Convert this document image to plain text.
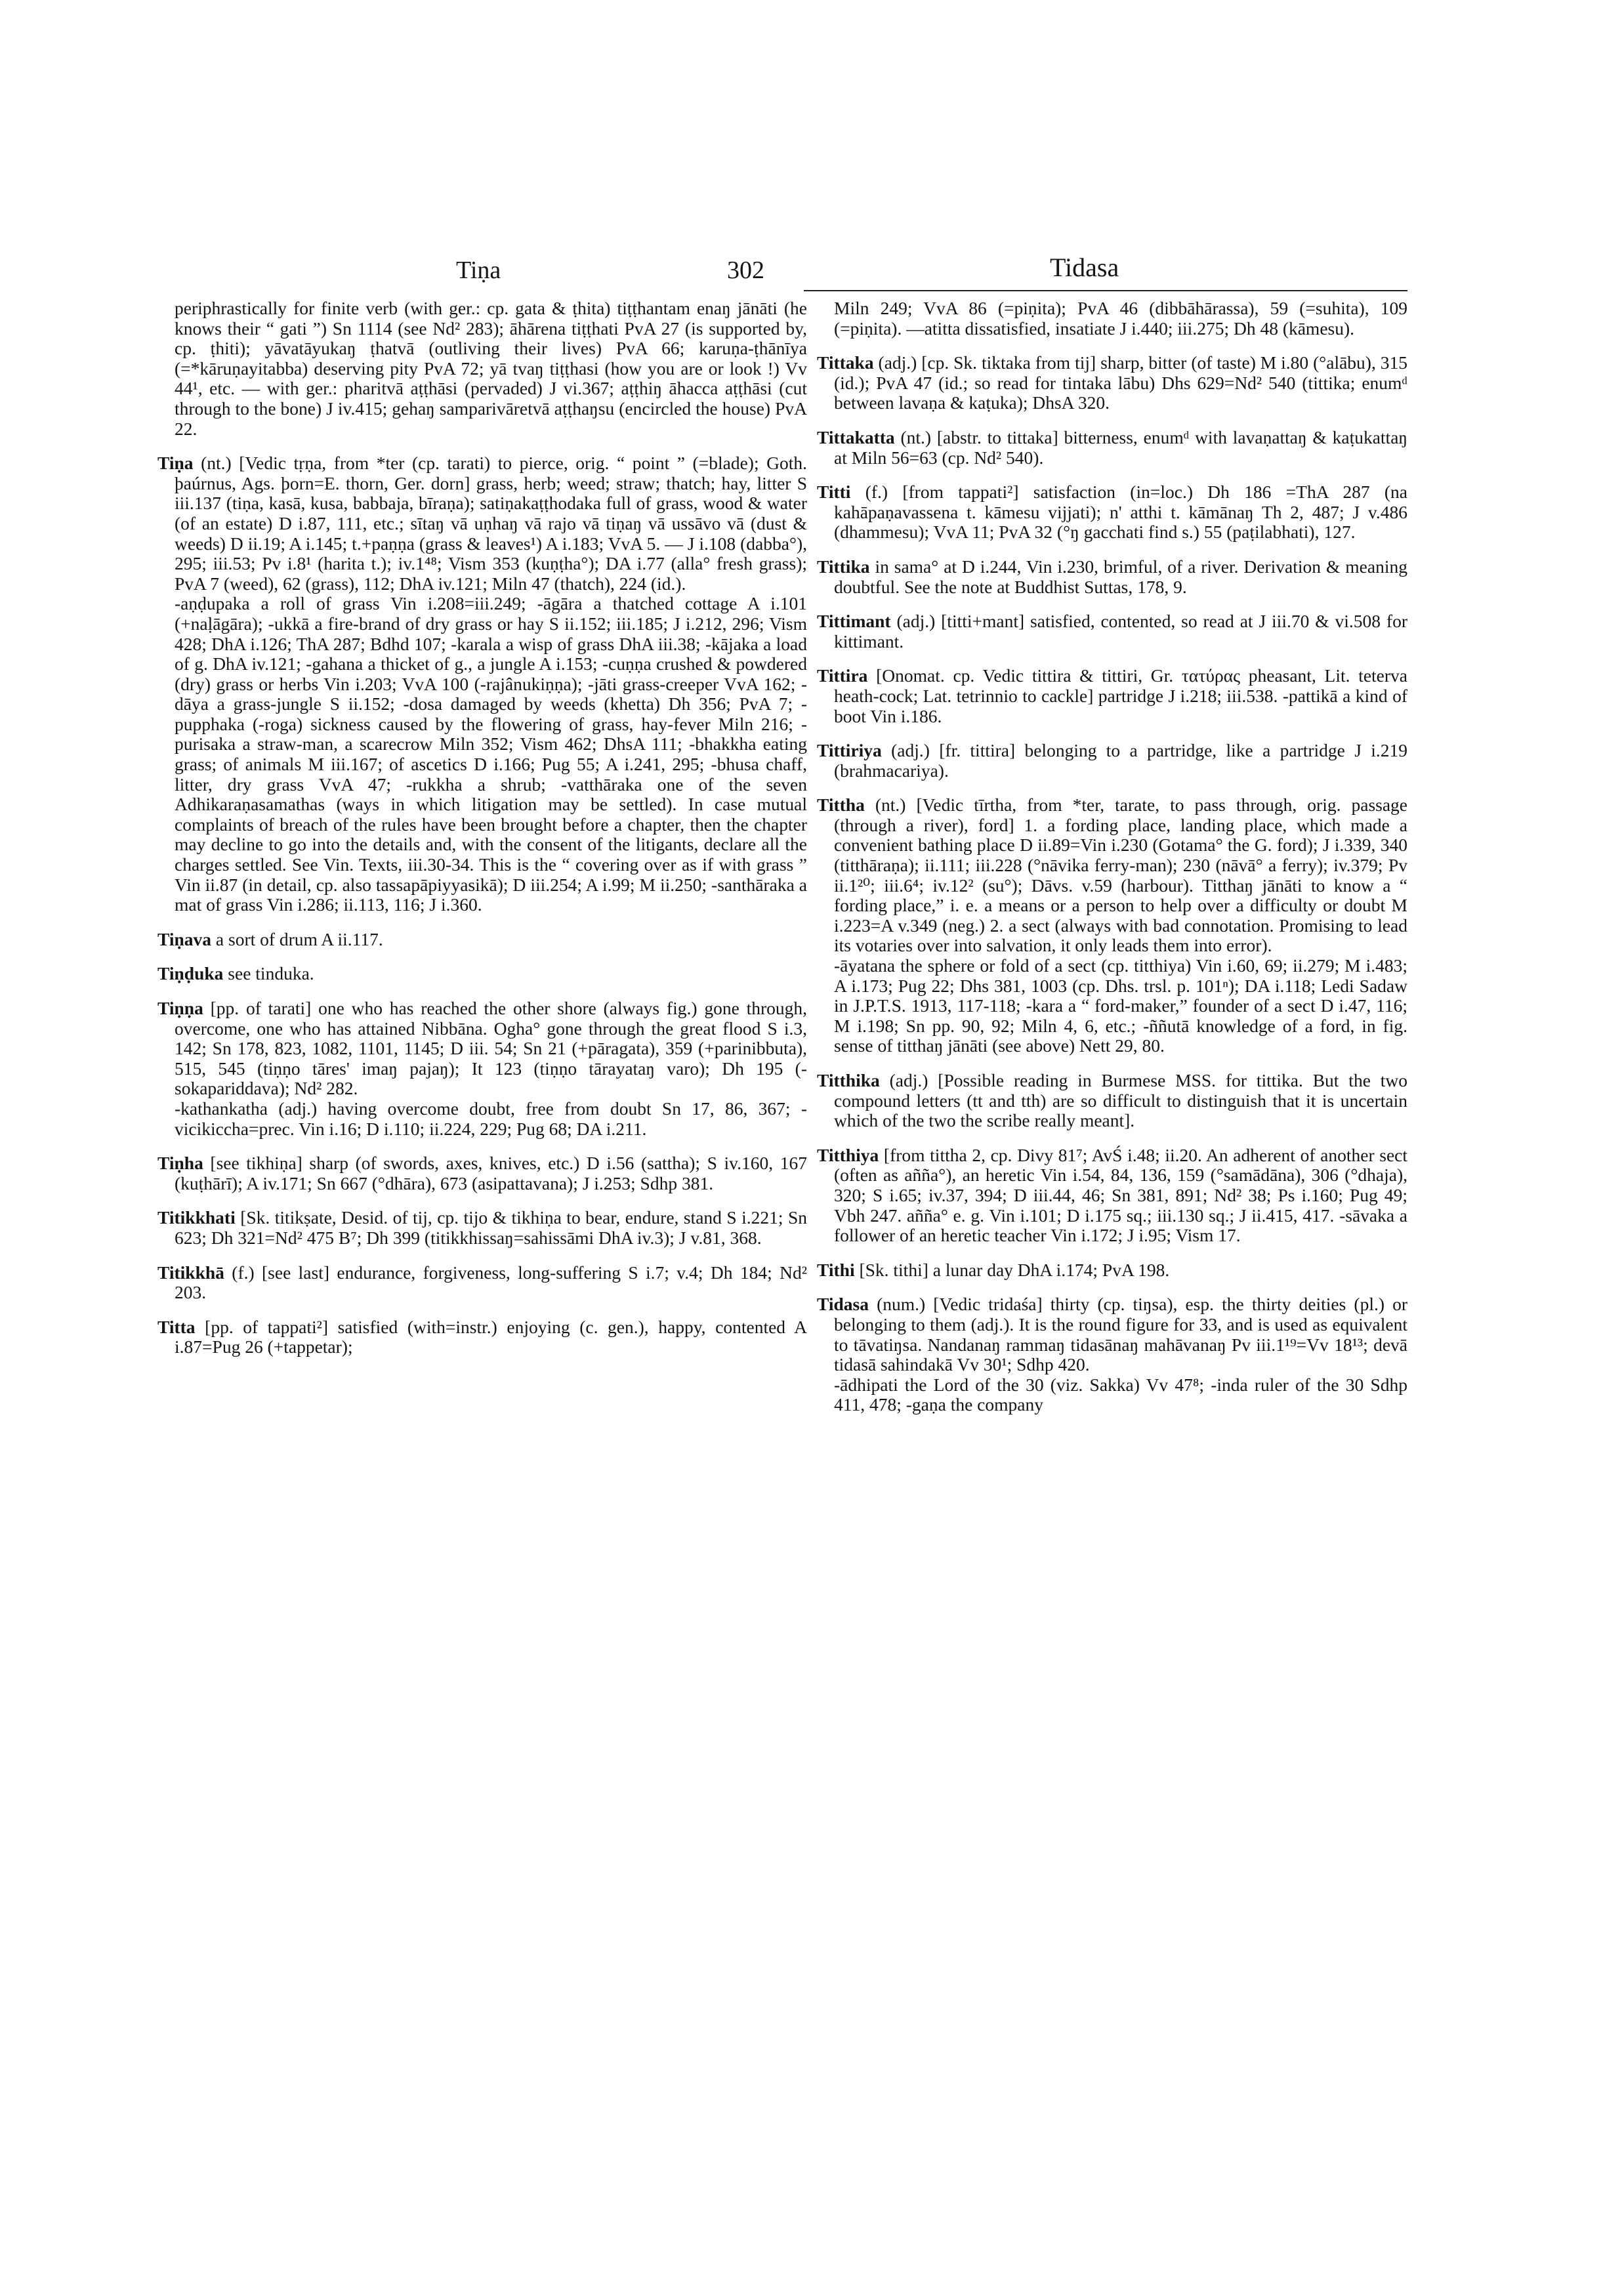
Tiṇa	302	Tidasa

periphrastically for finite verb (with ger.: cp. gata & ṭhita) tiṭṭhantam enaŋ jānāti (he knows their “ gati ”) Sn 1114 (see Nd² 283); āhārena tiṭṭhati PvA 27 (is supported by, cp. ṭhiti); yāvatāyukaŋ ṭhatvā (outliving their lives) PvA 66; karuṇa-ṭhānīya (=*kāruṇayitabba) deserving pity PvA 72; yā tvaŋ tiṭṭhasi (how you are or look !) Vv 44¹, etc. — with ger.: pharitvā aṭṭhāsi (pervaded) J vi.367; aṭṭhiŋ āhacca aṭṭhāsi (cut through to the bone) J iv.415; gehaŋ samparivāretvā aṭṭhaŋsu (encircled the house) PvA 22.

Tiṇa (nt.) [Vedic tṛṇa, from *ter (cp. tarati) to pierce, orig. “ point ” (=blade); Goth. þaúrnus, Ags. þorn=E. thorn, Ger. dorn] grass, herb; weed; straw; thatch; hay, litter S iii.137 (tiṇa, kasā, kusa, babbaja, bīraṇa); satiṇakaṭṭhodaka full of grass, wood & water (of an estate) D i.87, 111, etc.; sītaŋ vā uṇhaŋ vā rajo vā tiṇaŋ vā ussāvo vā (dust & weeds) D ii.19; A i.145; t.+paṇṇa (grass & leaves¹) A i.183; VvA 5. — J i.108 (dabba°), 295; iii.53; Pv i.8¹ (harita t.); iv.1⁴⁸; Vism 353 (kuṇṭha°); DA i.77 (alla° fresh grass); PvA 7 (weed), 62 (grass), 112; DhA iv.121; Miln 47 (thatch), 224 (id.).
-aṇḍupaka a roll of grass Vin i.208=iii.249; -āgāra a thatched cottage A i.101 (+naḷāgāra); -ukkā a fire-brand of dry grass or hay S ii.152; iii.185; J i.212, 296; Vism 428; DhA i.126; ThA 287; Bdhd 107; -karala a wisp of grass DhA iii.38; -kājaka a load of g. DhA iv.121; -gahana a thicket of g., a jungle A i.153; -cuṇṇa crushed & powdered (dry) grass or herbs Vin i.203; VvA 100 (-rajânukiṇṇa); -jāti grass-creeper VvA 162; -dāya a grass-jungle S ii.152; -dosa damaged by weeds (khetta) Dh 356; PvA 7; -pupphaka (-roga) sickness caused by the flowering of grass, hay-fever Miln 216; -purisaka a straw-man, a scarecrow Miln 352; Vism 462; DhsA 111; -bhakkha eating grass; of animals M iii.167; of ascetics D i.166; Pug 55; A i.241, 295; -bhusa chaff, litter, dry grass VvA 47; -rukkha a shrub; -vatthāraka one of the seven Adhikaraṇasamathas (ways in which litigation may be settled). In case mutual complaints of breach of the rules have been brought before a chapter, then the chapter may decline to go into the details and, with the consent of the litigants, declare all the charges settled. See Vin. Texts, iii.30-34. This is the “ covering over as if with grass ” Vin ii.87 (in detail, cp. also tassapāpiyyasikā); D iii.254; A i.99; M ii.250; -santhāraka a mat of grass Vin i.286; ii.113, 116; J i.360.

Tiṇava a sort of drum A ii.117.

Tiṇḍuka see tinduka.

Tiṇṇa [pp. of tarati] one who has reached the other shore (always fig.) gone through, overcome, one who has attained Nibbāna. Ogha° gone through the great flood S i.3, 142; Sn 178, 823, 1082, 1101, 1145; D iii. 54; Sn 21 (+pāragata), 359 (+parinibbuta), 515, 545 (tiṇṇo tāres' imaŋ pajaŋ); It 123 (tiṇṇo tārayataŋ varo); Dh 195 (-sokapariddava); Nd² 282.
-kathankatha (adj.) having overcome doubt, free from doubt Sn 17, 86, 367; -vicikiccha=prec. Vin i.16; D i.110; ii.224, 229; Pug 68; DA i.211.

Tiṇha [see tikhiṇa] sharp (of swords, axes, knives, etc.) D i.56 (sattha); S iv.160, 167 (kuṭhārī); A iv.171; Sn 667 (°dhāra), 673 (asipattavana); J i.253; Sdhp 381.

Titikkhati [Sk. titikṣate, Desid. of tij, cp. tijo & tikhiṇa to bear, endure, stand S i.221; Sn 623; Dh 321=Nd² 475 B⁷; Dh 399 (titikkhissaŋ=sahissāmi DhA iv.3); J v.81, 368.

Titikkhā (f.) [see last] endurance, forgiveness, long-suffering S i.7; v.4; Dh 184; Nd² 203.

Titta [pp. of tappati²] satisfied (with=instr.) enjoying (c. gen.), happy, contented A i.87=Pug 26 (+tappetar);

Miln 249; VvA 86 (=piṇita); PvA 46 (dibbāhārassa), 59 (=suhita), 109 (=piṇita). —atitta dissatisfied, insatiate J i.440; iii.275; Dh 48 (kāmesu).

Tittaka (adj.) [cp. Sk. tiktaka from tij] sharp, bitter (of taste) M i.80 (°alābu), 315 (id.); PvA 47 (id.; so read for tintaka lābu) Dhs 629=Nd² 540 (tittika; enumᵈ between lavaṇa & kaṭuka); DhsA 320.

Tittakatta (nt.) [abstr. to tittaka] bitterness, enumᵈ with lavaṇattaŋ & kaṭukattaŋ at Miln 56=63 (cp. Nd² 540).

Titti (f.) [from tappati²] satisfaction (in=loc.) Dh 186 =ThA 287 (na kahāpaṇavassena t. kāmesu vijjati); n' atthi t. kāmānaŋ Th 2, 487; J v.486 (dhammesu); VvA 11; PvA 32 (°ŋ gacchati find s.) 55 (paṭilabhati), 127.

Tittika in sama° at D i.244, Vin i.230, brimful, of a river. Derivation & meaning doubtful. See the note at Buddhist Suttas, 178, 9.

Tittimant (adj.) [titti+mant] satisfied, contented, so read at J iii.70 & vi.508 for kittimant.

Tittira [Onomat. cp. Vedic tittira & tittiri, Gr. τατύρας pheasant, Lit. teterva heath-cock; Lat. tetrinnio to cackle] partridge J i.218; iii.538. -pattikā a kind of boot Vin i.186.

Tittiriya (adj.) [fr. tittira] belonging to a partridge, like a partridge J i.219 (brahmacariya).

Tittha (nt.) [Vedic tīrtha, from *ter, tarate, to pass through, orig. passage (through a river), ford] 1. a fording place, landing place, which made a convenient bathing place D ii.89=Vin i.230 (Gotama° the G. ford); J i.339, 340 (titthāraṇa); ii.111; iii.228 (°nāvika ferry-man); 230 (nāvā° a ferry); iv.379; Pv ii.1²⁰; iii.6⁴; iv.12² (su°); Dāvs. v.59 (harbour). Titthaŋ jānāti to know a “ fording place,” i. e. a means or a person to help over a difficulty or doubt M i.223=A v.349 (neg.) 2. a sect (always with bad connotation. Promising to lead its votaries over into salvation, it only leads them into error).
-āyatana the sphere or fold of a sect (cp. titthiya) Vin i.60, 69; ii.279; M i.483; A i.173; Pug 22; Dhs 381, 1003 (cp. Dhs. trsl. p. 101ⁿ); DA i.118; Ledi Sadaw in J.P.T.S. 1913, 117-118; -kara a “ ford-maker,” founder of a sect D i.47, 116; M i.198; Sn pp. 90, 92; Miln 4, 6, etc.; -ññutā knowledge of a ford, in fig. sense of titthaŋ jānāti (see above) Nett 29, 80.

Titthika (adj.) [Possible reading in Burmese MSS. for tittika. But the two compound letters (tt and tth) are so difficult to distinguish that it is uncertain which of the two the scribe really meant].

Titthiya [from tittha 2, cp. Divy 81⁷; AvŚ i.48; ii.20. An adherent of another sect (often as añña°), an heretic Vin i.54, 84, 136, 159 (°samādāna), 306 (°dhaja), 320; S i.65; iv.37, 394; D iii.44, 46; Sn 381, 891; Nd² 38; Ps i.160; Pug 49; Vbh 247. añña° e. g. Vin i.101; D i.175 sq.; iii.130 sq.; J ii.415, 417. -sāvaka a follower of an heretic teacher Vin i.172; J i.95; Vism 17.

Tithi [Sk. tithi] a lunar day DhA i.174; PvA 198.

Tidasa (num.) [Vedic tridaśa] thirty (cp. tiŋsa), esp. the thirty deities (pl.) or belonging to them (adj.). It is the round figure for 33, and is used as equivalent to tāvatiŋsa. Nandanaŋ rammaŋ tidasānaŋ mahāvanaŋ Pv iii.1¹⁹=Vv 18¹³; devā tidasā sahindakā Vv 30¹; Sdhp 420.
-ādhipati the Lord of the 30 (viz. Sakka) Vv 47⁸; -inda ruler of the 30 Sdhp 411, 478; -gaṇa the company
